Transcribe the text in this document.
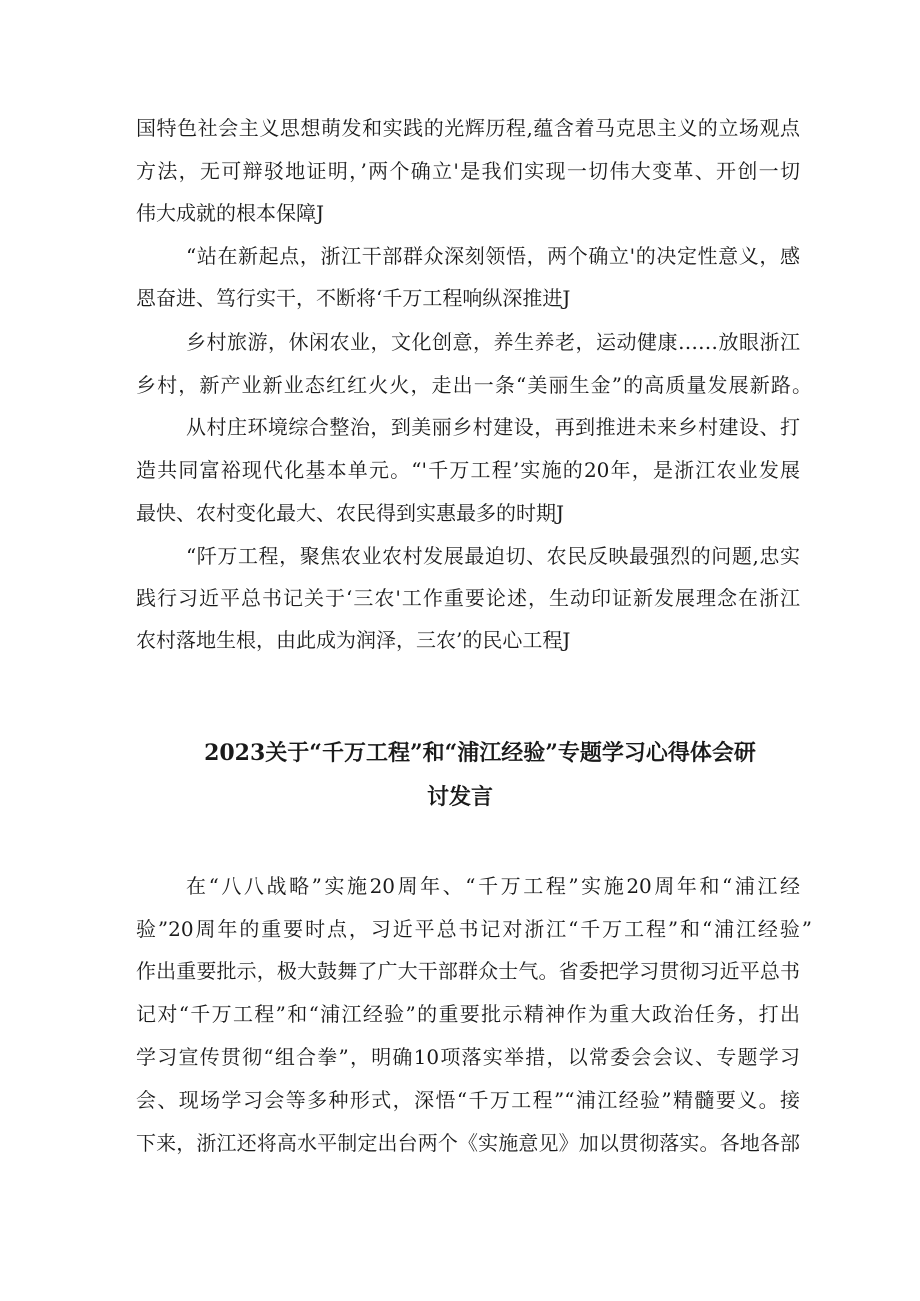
国特色社会主义思想萌发和实践的光辉历程,蕴含着马克思主义的立场观点
方法，无可辩驳地证明，’两个确立'是我们实现一切伟大变革、开创一切
伟大成就的根本保障J
“站在新起点，浙江干部群众深刻领悟，两个确立'的决定性意义，感
恩奋进、笃行实干，不断将‘千万工程响纵深推进J
乡村旅游，休闲农业，文化创意，养生养老，运动健康……放眼浙江
乡村，新产业新业态红红火火，走出一条“美丽生金”的高质量发展新路。
从村庄环境综合整治，到美丽乡村建设，再到推进未来乡村建设、打
造共同富裕现代化基本单元。“'千万工程’实施的20年，是浙江农业发展
最快、农村变化最大、农民得到实惠最多的时期J
“阡万工程，聚焦农业农村发展最迫切、农民反映最强烈的问题,忠实
践行习近平总书记关于‘三农'工作重要论述，生动印证新发展理念在浙江
农村落地生根，由此成为润泽，三农’的民心工程J
2023关于“千万工程”和“浦江经验”专题学习心得体会研
讨发言
在“八八战略”实施20周年、“千万工程”实施20周年和“浦江经
验”20周年的重要时点，习近平总书记对浙江“千万工程”和“浦江经验”
作出重要批示，极大鼓舞了广大干部群众士气。省委把学习贯彻习近平总书
记对“千万工程”和“浦江经验”的重要批示精神作为重大政治任务，打出
学习宣传贯彻“组合拳”，明确10项落实举措，以常委会会议、专题学习
会、现场学习会等多种形式，深悟“千万工程”“浦江经验”精髓要义。接
下来，浙江还将高水平制定出台两个《实施意见》加以贯彻落实。各地各部
